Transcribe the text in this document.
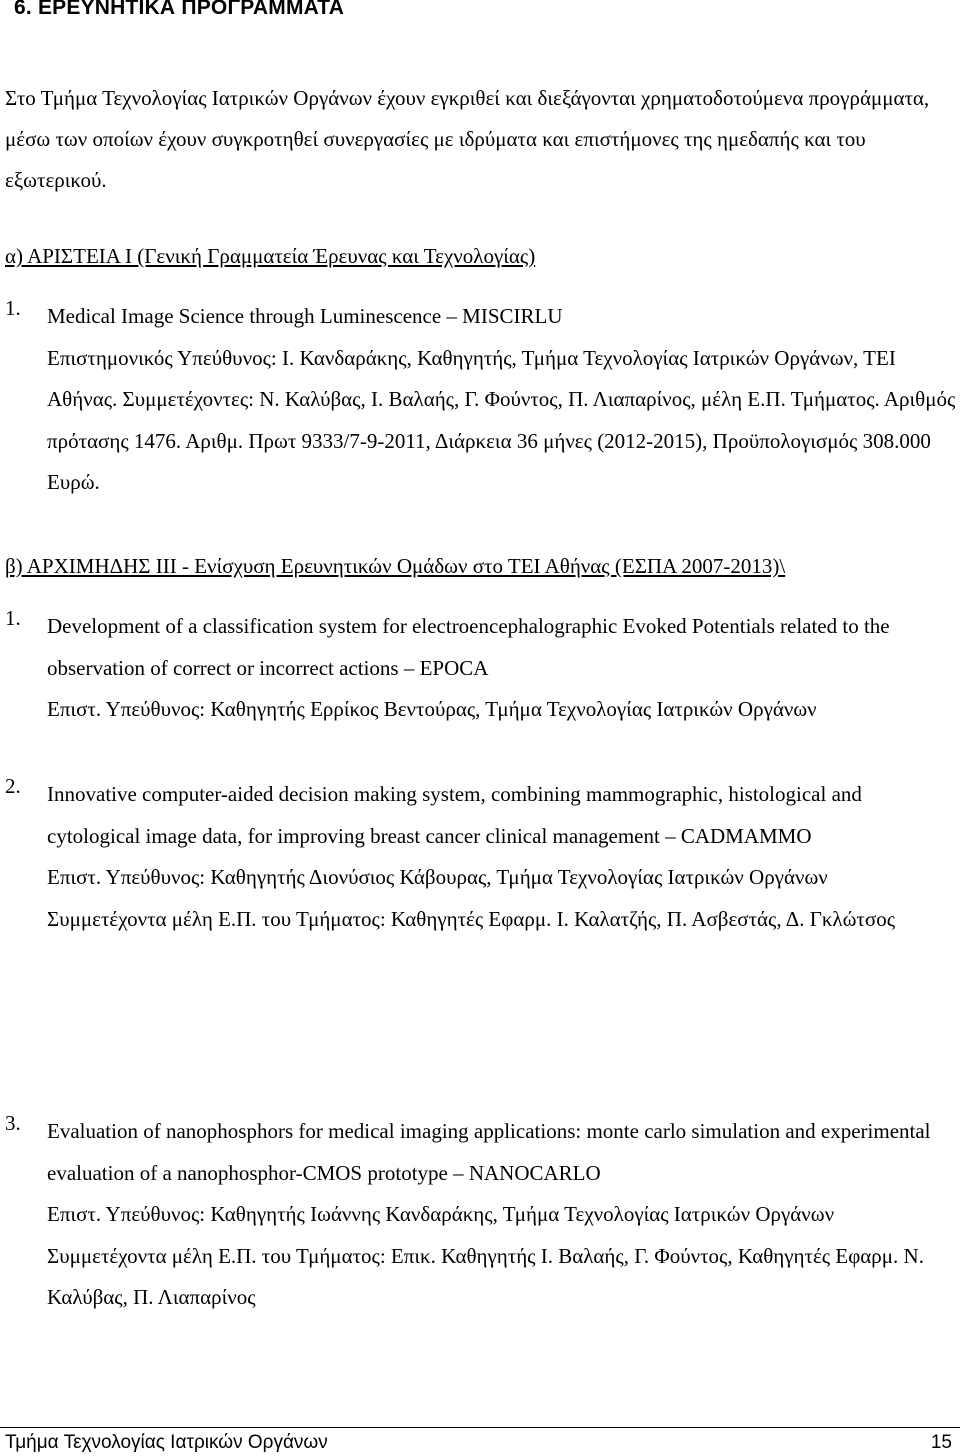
6. ΕΡΕΥΝΗΤΙΚΑ ΠΡΟΓΡΑΜΜΑΤΑ
Στο Τμήμα Τεχνολογίας Ιατρικών Οργάνων έχουν εγκριθεί και διεξάγονται χρηματοδοτούμενα προγράμματα, μέσω των οποίων έχουν συγκροτηθεί συνεργασίες με ιδρύματα και επιστήμονες της ημεδαπής και του εξωτερικού.
α) ΑΡΙΣΤΕΙΑ Ι (Γενική Γραμματεία Έρευνας και Τεχνολογίας)
1. Medical Image Science through Luminescence – MISCIRLU

Επιστημονικός Υπεύθυνος: Ι. Κανδαράκης, Καθηγητής, Τμήμα Τεχνολογίας Ιατρικών Οργάνων, ΤΕΙ Αθήνας. Συμμετέχοντες: Ν. Καλύβας, Ι. Βαλαής, Γ. Φούντος, Π. Λιαπαρίνος, μέλη Ε.Π. Τμήματος. Αριθμός πρότασης 1476. Αριθμ. Πρωτ 9333/7-9-2011, Διάρκεια 36 μήνες (2012-2015), Προϋπολογισμός 308.000 Ευρώ.

β) ΑΡΧΙΜΗΔΗΣ ΙΙΙ - Ενίσχυση Ερευνητικών Ομάδων στο ΤΕΙ Αθήνας (ΕΣΠΑ 2007-2013)\
1. Development of a classification system for electroencephalographic Evoked Potentials related to the observation of correct or incorrect actions – EPOCA

Επιστ. Υπεύθυνος: Καθηγητής Ερρίκος Βεντούρας, Τμήμα Τεχνολογίας Ιατρικών Οργάνων

2. Innovative computer-aided decision making system, combining mammographic, histological and cytological image data, for improving breast cancer clinical management – CADMAMMO

Επιστ. Υπεύθυνος: Καθηγητής Διονύσιος Κάβουρας, Τμήμα Τεχνολογίας Ιατρικών Οργάνων

Συμμετέχοντα μέλη Ε.Π. του Τμήματος: Καθηγητές Εφαρμ. Ι. Καλατζής, Π. Ασβεστάς, Δ. Γκλώτσος

3. Evaluation of nanophosphors for medical imaging applications: monte carlo simulation and experimental evaluation of a nanophosphor-CMOS prototype – NANOCARLO

Επιστ. Υπεύθυνος: Καθηγητής Ιωάννης Κανδαράκης, Τμήμα Τεχνολογίας Ιατρικών Οργάνων

Συμμετέχοντα μέλη Ε.Π. του Τμήματος: Επικ. Καθηγητής Ι. Βαλαής, Γ. Φούντος, Καθηγητές Εφαρμ. Ν. Καλύβας, Π. Λιαπαρίνος

Τμήμα Τεχνολογίας Ιατρικών Οργάνων	15
